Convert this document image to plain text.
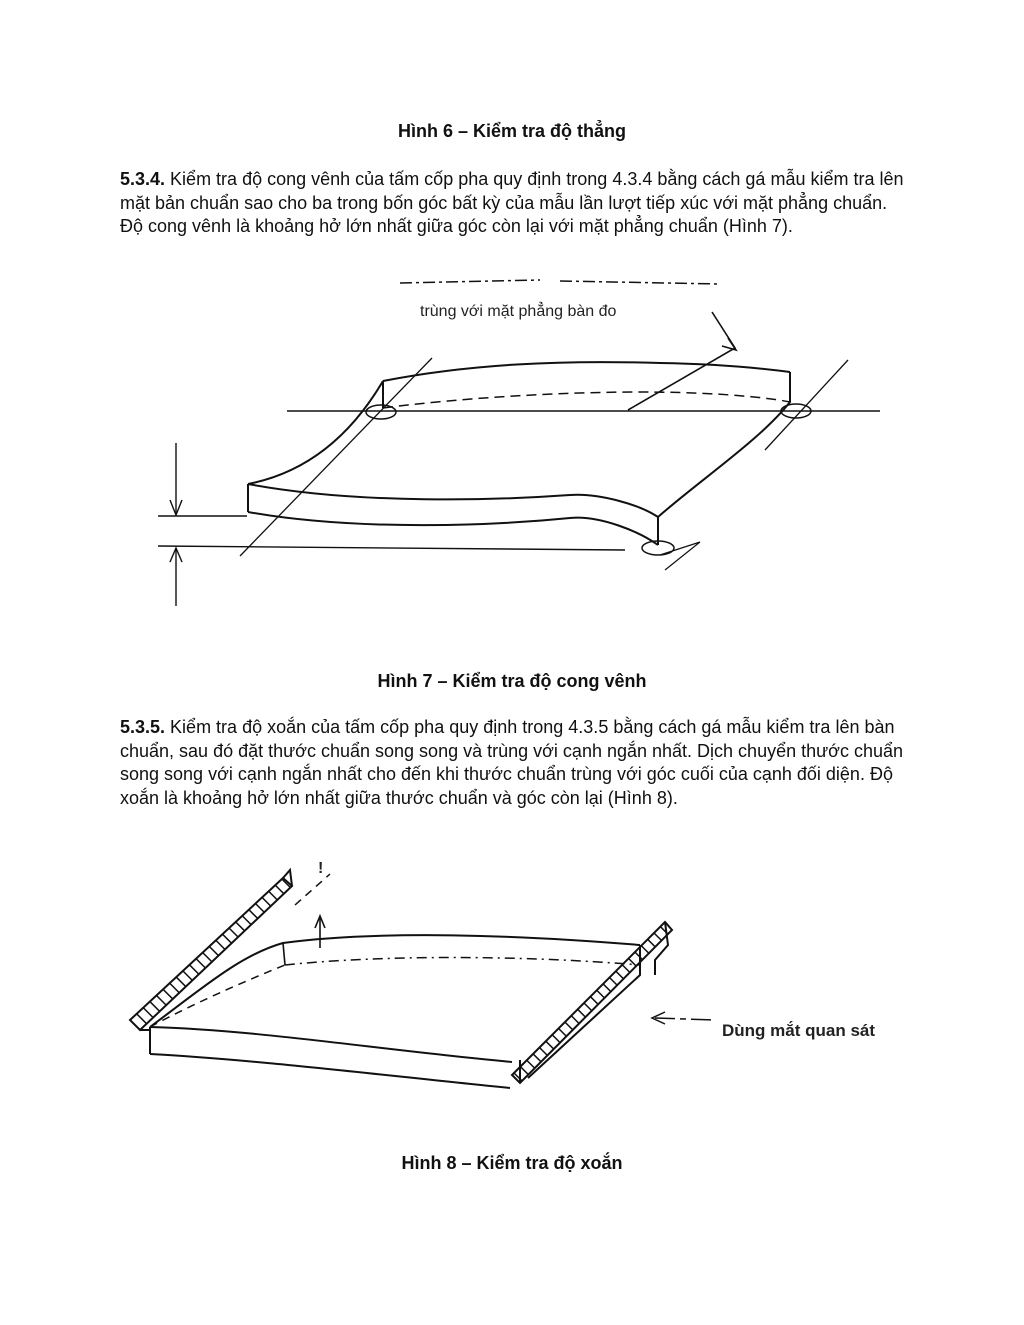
Hình 6 – Kiểm tra độ thẳng
5.3.4. Kiểm tra độ cong vênh của tấm cốp pha quy định trong 4.3.4 bằng cách gá mẫu kiểm tra lên mặt bản chuẩn sao cho ba trong bốn góc bất kỳ của mẫu lần lượt tiếp xúc với mặt phẳng chuẩn. Độ cong vênh là khoảng hở lớn nhất giữa góc còn lại với mặt phẳng chuẩn (Hình 7).
trùng với mặt phẳng bàn đo
Hình 7 – Kiểm tra độ cong vênh
5.3.5. Kiểm tra độ xoắn của tấm cốp pha quy định trong 4.3.5 bằng cách gá mẫu kiểm tra lên bàn chuẩn, sau đó đặt thước chuẩn song song và trùng với cạnh ngắn nhất. Dịch chuyển thước chuẩn song song với cạnh ngắn nhất cho đến khi thước chuẩn trùng với góc cuối của cạnh đối diện. Độ xoắn là khoảng hở lớn nhất giữa thước chuẩn và góc còn lại (Hình 8).
!
Dùng mắt quan sát
Hình 8 – Kiểm tra độ xoắn
